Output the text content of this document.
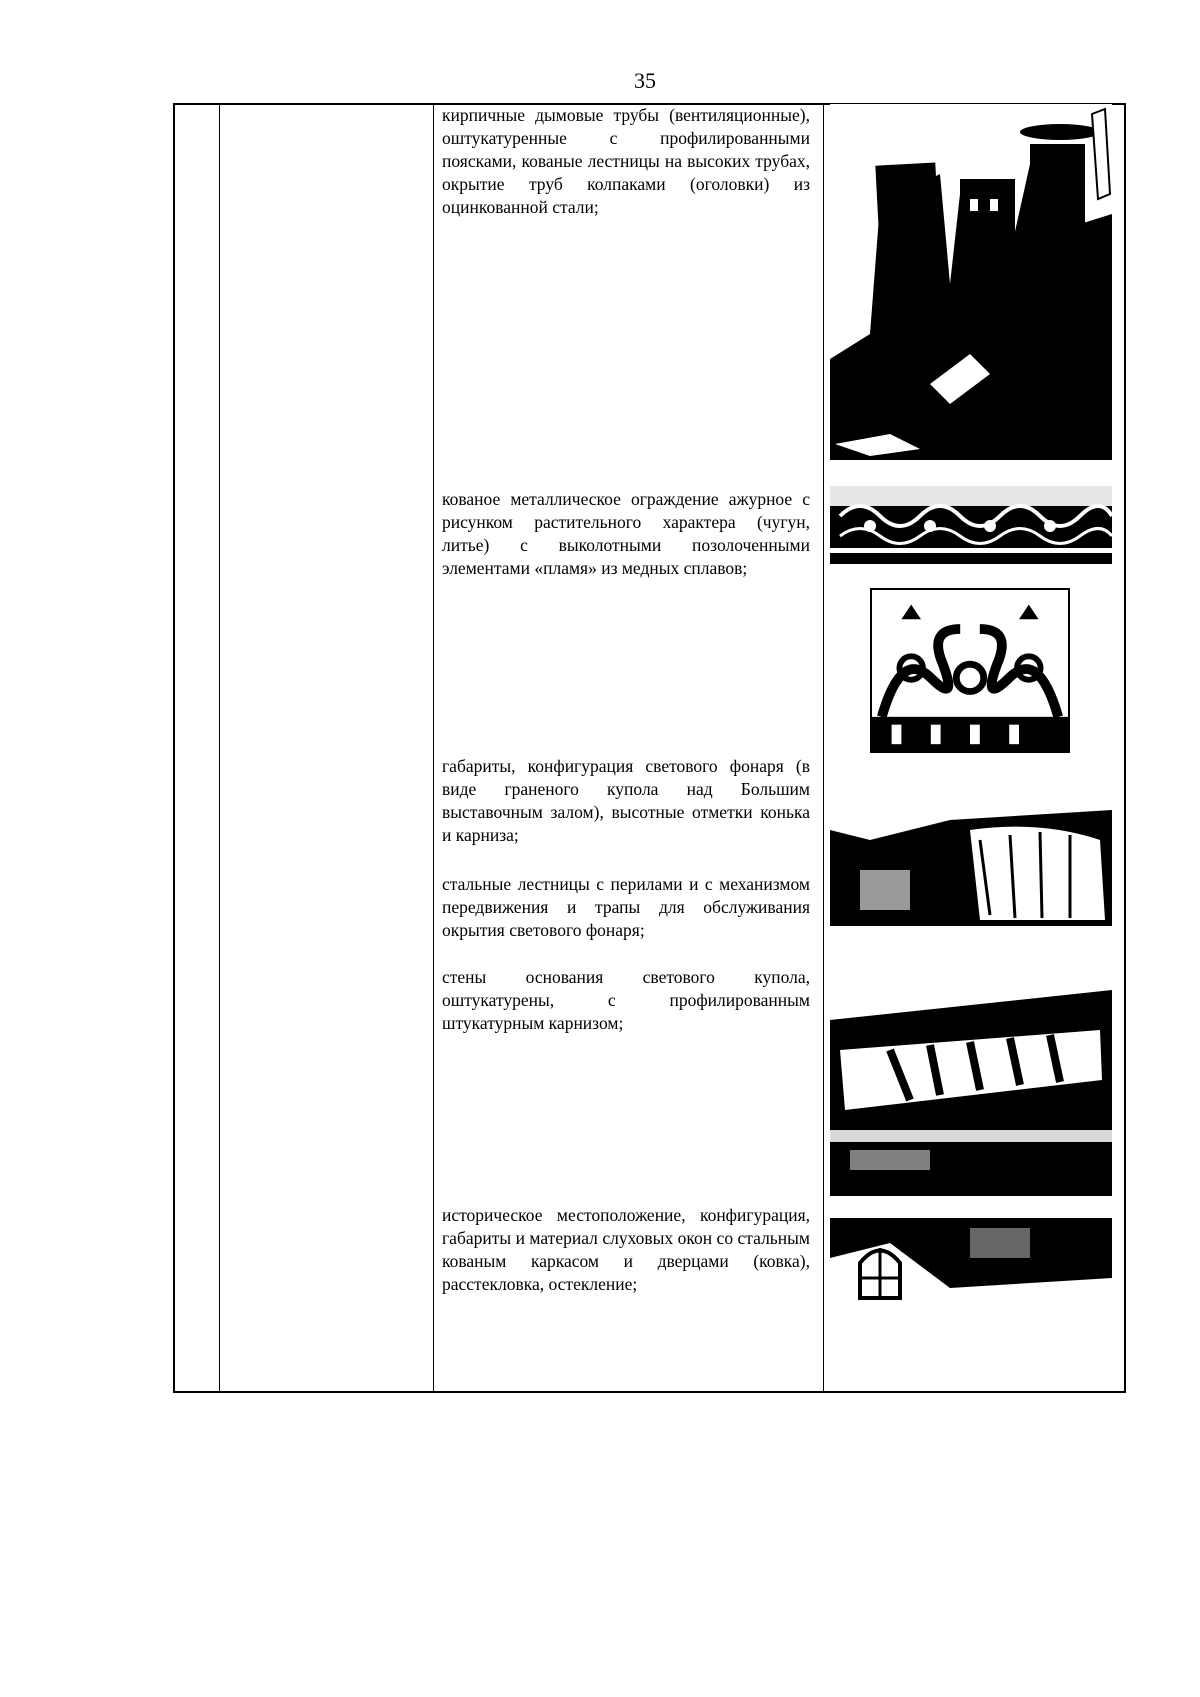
35
кирпичные дымовые трубы (вентиляционные), оштукатуренные с профилированными поясками, кованые лестницы на высоких трубах, окрытие труб колпаками (оголовки) из оцинкованной стали;
кованое металлическое ограждение ажурное с рисунком растительного характера (чугун, литье) с выколотными позолоченными элементами «пламя» из медных сплавов;
габариты, конфигурация светового фонаря (в виде граненого купола над Большим выставочным залом), высотные отметки конька и карниза;
стальные лестницы с перилами и с механизмом передвижения и трапы для обслуживания окрытия светового фонаря;
стены основания светового купола, оштукатурены, с профилированным штукатурным карнизом;
историческое местоположение, конфигурация, габариты и материал слуховых окон со стальным кованым каркасом и дверцами (ковка), расстекловка, остекление;
